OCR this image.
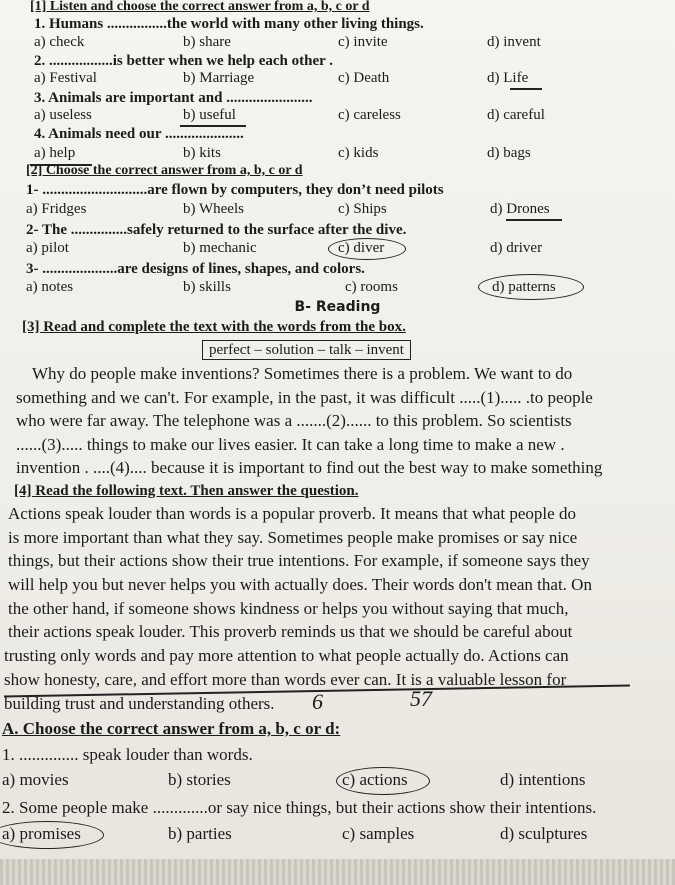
[1] Listen and choose the correct answer from a, b, c or d
1. Humans ................the world with many other living things.
a) check	b) share	c) invite	d) invent
2. .................is better when we help each other .
a) Festival	b) Marriage	c) Death	d) Life
3. Animals are important and .......................
a) useless	b) useful	c) careless	d) careful
4. Animals need our .....................
a) help	b) kits	c) kids	d) bags
[2] Choose the correct answer from a, b, c or d
1- ............................are flown by computers, they don’t need pilots
a) Fridges	b) Wheels	c) Ships	d) Drones
2- The ...............safely returned to the surface after the dive.
a) pilot	b) mechanic	c) diver	d) driver
3- ....................are designs of lines, shapes, and colors.
a) notes	b) skills	c) rooms	d) patterns
B- Reading
[3] Read and complete the text with the words from the box.
perfect – solution – talk – invent
Why do people make inventions? Sometimes there is a problem. We want to do
something and we can't. For example, in the past, it was difficult .....(1)..... .to people
who were far away. The telephone was a .......(2)...... to this problem. So scientists
......(3)..... things to make our lives easier. It can take a long time to make a new .
invention . ....(4).... because it is important to find out the best way to make something
[4] Read the following text. Then answer the question.
Actions speak louder than words is a popular proverb. It means that what people do
is more important than what they say. Sometimes people make promises or say nice
things, but their actions show their true intentions. For example, if someone says they
will help you but never helps you with actually does. Their words don't mean that. On
the other hand, if someone shows kindness or helps you without saying that much,
their actions speak louder. This proverb reminds us that we should be careful about
trusting only words and pay more attention to what people actually do. Actions can
show honesty, care, and effort more than words ever can. It is a valuable lesson for
building trust and understanding others. 6	57
A. Choose the correct answer from a, b, c or d:
1. .............. speak louder than words.
a) movies	b) stories	c) actions	d) intentions
2. Some people make .............or say nice things, but their actions show their intentions.
a) promises	b) parties	c) samples	d) sculptures
